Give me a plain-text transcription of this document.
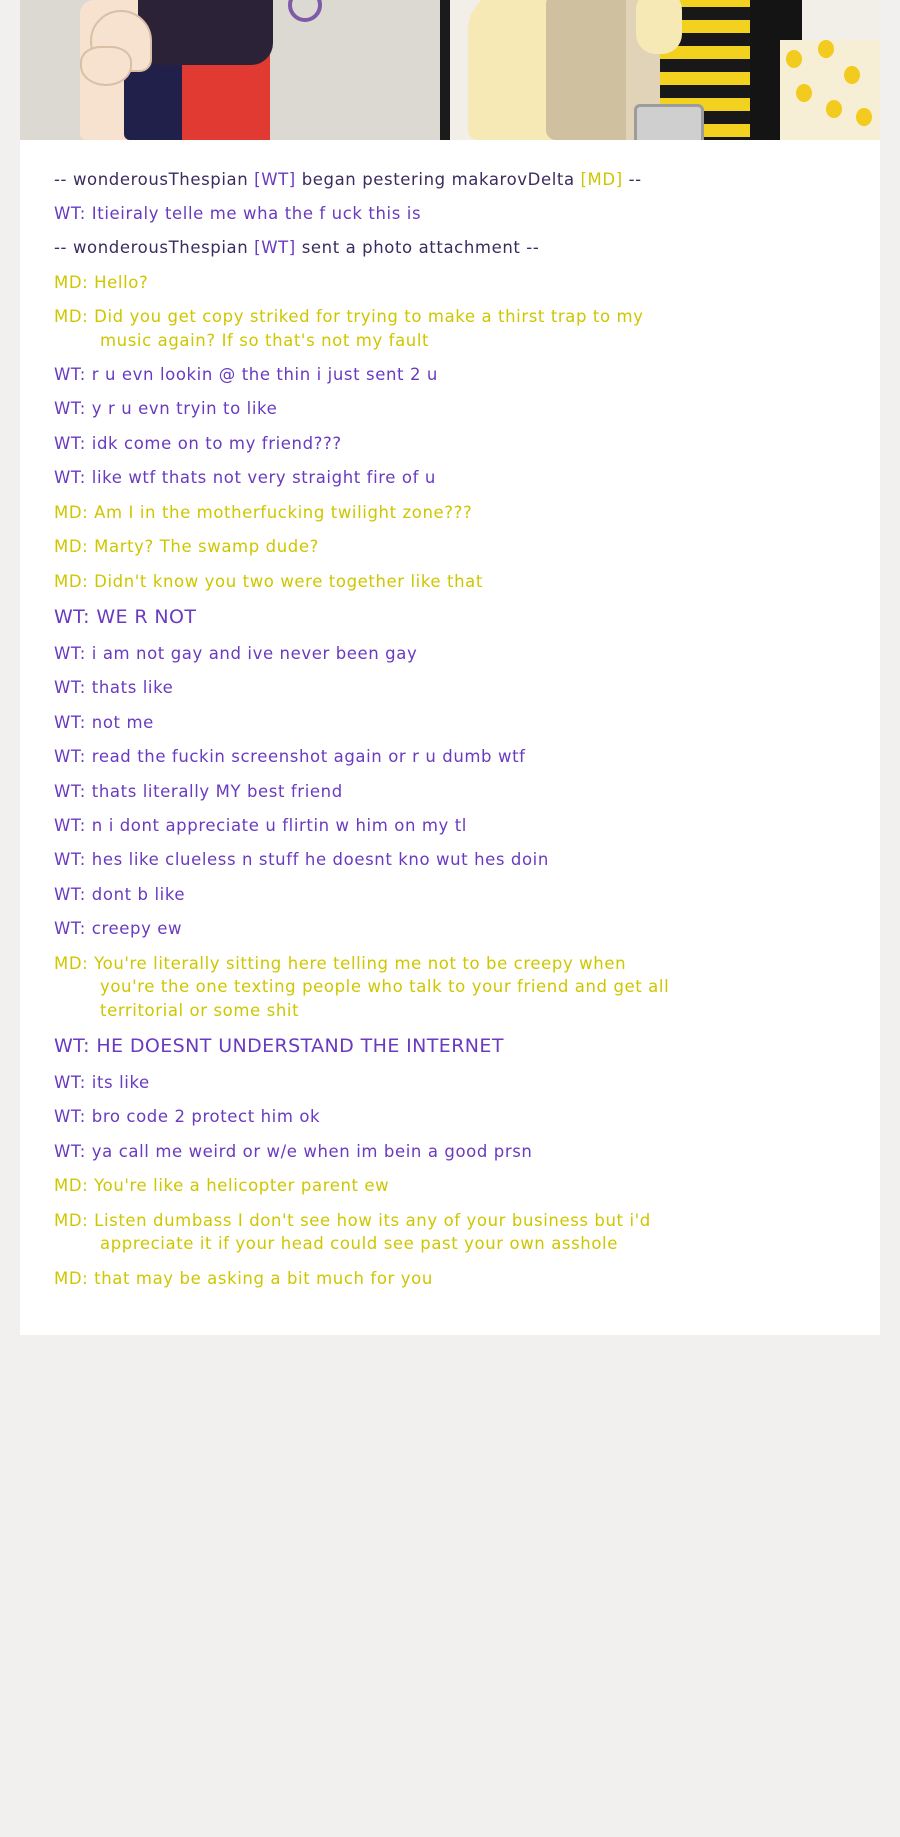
-- wonderousThespian [WT] began pestering makarovDelta [MD] --
WT: Itieiraly telle me wha the f uck this is
-- wonderousThespian [WT] sent a photo attachment --
MD: Hello?
MD: Did you get copy striked for trying to make a thirst trap to my
music again? If so that's not my fault
WT: r u evn lookin @ the thin i just sent 2 u
WT: y r u evn tryin to like
WT: idk come on to my friend???
WT: like wtf thats not very straight fire of u
MD: Am I in the motherfucking twilight zone???
MD: Marty? The swamp dude?
MD: Didn't know you two were together like that
WT: WE R NOT
WT: i am not gay and ive never been gay
WT: thats like
WT: not me
WT: read the fuckin screenshot again or r u dumb wtf
WT: thats literally MY best friend
WT: n i dont appreciate u flirtin w him on my tl
WT: hes like clueless n stuff he doesnt kno wut hes doin
WT: dont b like
WT: creepy ew
MD: You're literally sitting here telling me not to be creepy when
you're the one texting people who talk to your friend and get all
territorial or some shit
WT: HE DOESNT UNDERSTAND THE INTERNET
WT: its like
WT: bro code 2 protect him ok
WT: ya call me weird or w/e when im bein a good prsn
MD: You're like a helicopter parent ew
MD: Listen dumbass I don't see how its any of your business but i'd
appreciate it if your head could see past your own asshole
MD: that may be asking a bit much for you
